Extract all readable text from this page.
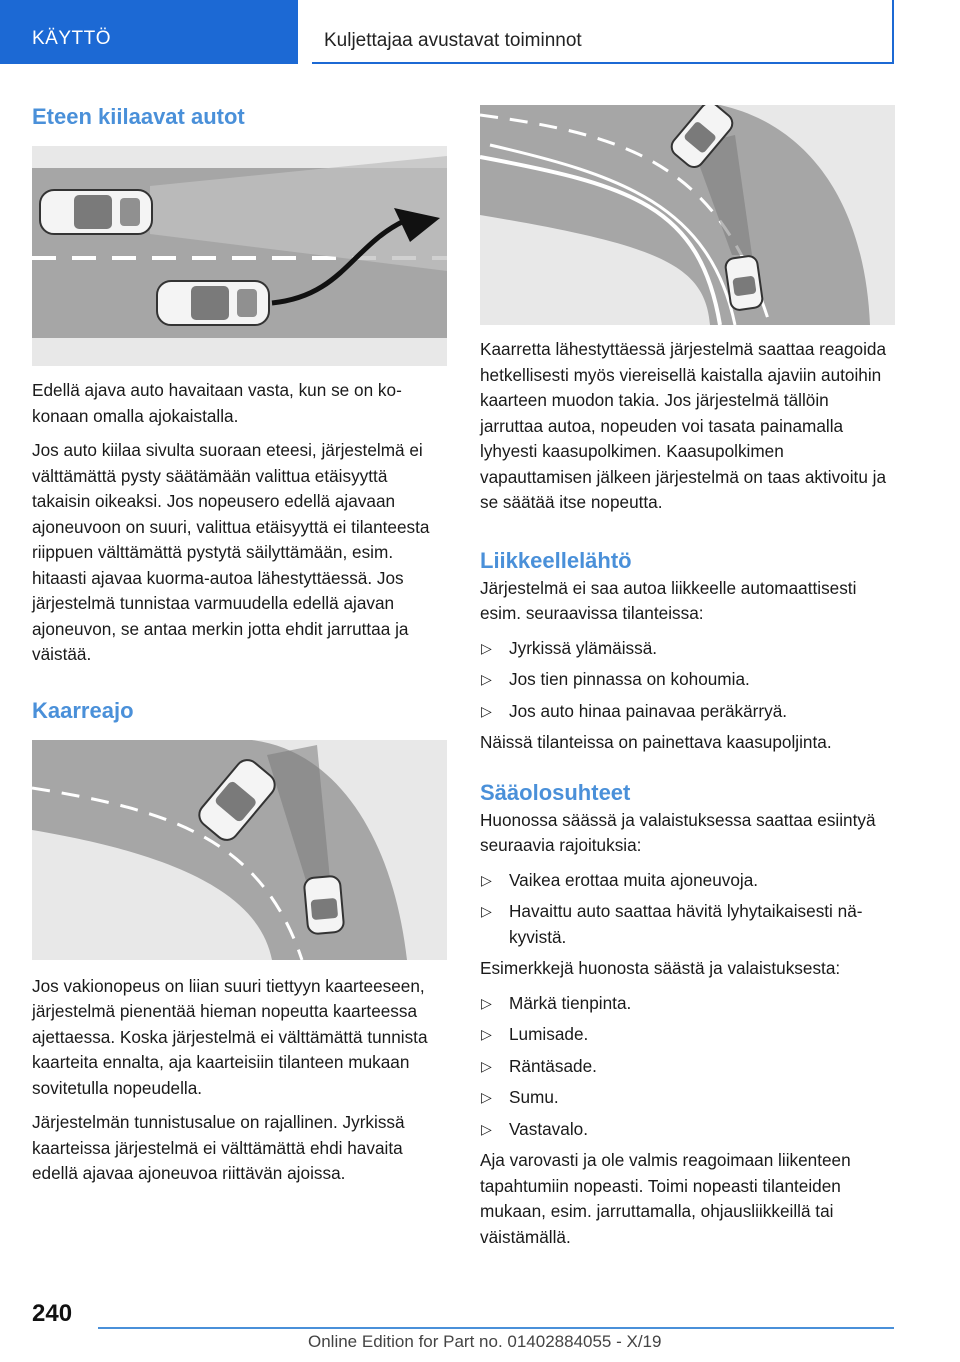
KÄYTTÖ	Kuljettajaa avustavat toiminnot
Eteen kiilaavat autot

Edellä ajava auto havaitaan vasta, kun se on kokonaan omalla ajokaistalla.

Jos auto kiilaa sivulta suoraan eteesi, järjestelmä ei välttämättä pysty säätämään valittua etäisyyttä takaisin oikeaksi. Jos nopeusero edellä ajavaan ajoneuvoon on suuri, valittua etäisyyttä ei tilanteesta riippuen välttämättä pystytä säilyttämään, esim. hitaasti ajavaa kuorma-autoa lähestyttäessä. Jos järjestelmä tunnistaa varmuudella edellä ajavan ajoneuvon, se antaa merkin jotta ehdit jarruttaa ja väistää.

Kaarreajo

Jos vakionopeus on liian suuri tiettyyn kaarteeseen, järjestelmä pienentää hieman nopeutta kaarteessa ajettaessa. Koska järjestelmä ei välttämättä tunnista kaarteita ennalta, aja kaarteisiin tilanteen mukaan sovitetulla nopeudella.

Järjestelmän tunnistusalue on rajallinen. Jyrkissä kaarteissa järjestelmä ei välttämättä ehdi havaita edellä ajavaa ajoneuvoa riittävän ajoissa.

Kaarretta lähestyttäessä järjestelmä saattaa reagoida hetkellisesti myös viereisellä kaistalla ajaviin autoihin kaarteen muodon takia. Jos järjestelmä tällöin jarruttaa autoa, nopeuden voi tasata painamalla lyhyesti kaasupolkimen. Kaasupolkimen vapauttamisen jälkeen järjestelmä on taas aktivoitu ja se säätää itse nopeutta.

Liikkeellelähtö

Järjestelmä ei saa autoa liikkeelle automaattisesti esim. seuraavissa tilanteissa:

▷ Jyrkissä ylämäissä.
▷ Jos tien pinnassa on kohoumia.
▷ Jos auto hinaa painavaa peräkärryä.

Näissä tilanteissa on painettava kaasupoljinta.

Sääolosuhteet

Huonossa säässä ja valaistuksessa saattaa esiintyä seuraavia rajoituksia:

▷ Vaikea erottaa muita ajoneuvoja.
▷ Havaittu auto saattaa hävitä lyhytaikaisesti näkyvistä.

Esimerkkejä huonosta säästä ja valaistuksesta:

▷ Märkä tienpinta.
▷ Lumisade.
▷ Räntäsade.
▷ Sumu.
▷ Vastavalo.

Aja varovasti ja ole valmis reagoimaan liikenteen tapahtumiin nopeasti. Toimi nopeasti tilanteiden mukaan, esim. jarruttamalla, ohjausliikkeillä tai väistämällä.

240
Online Edition for Part no. 01402884055 - X/19
